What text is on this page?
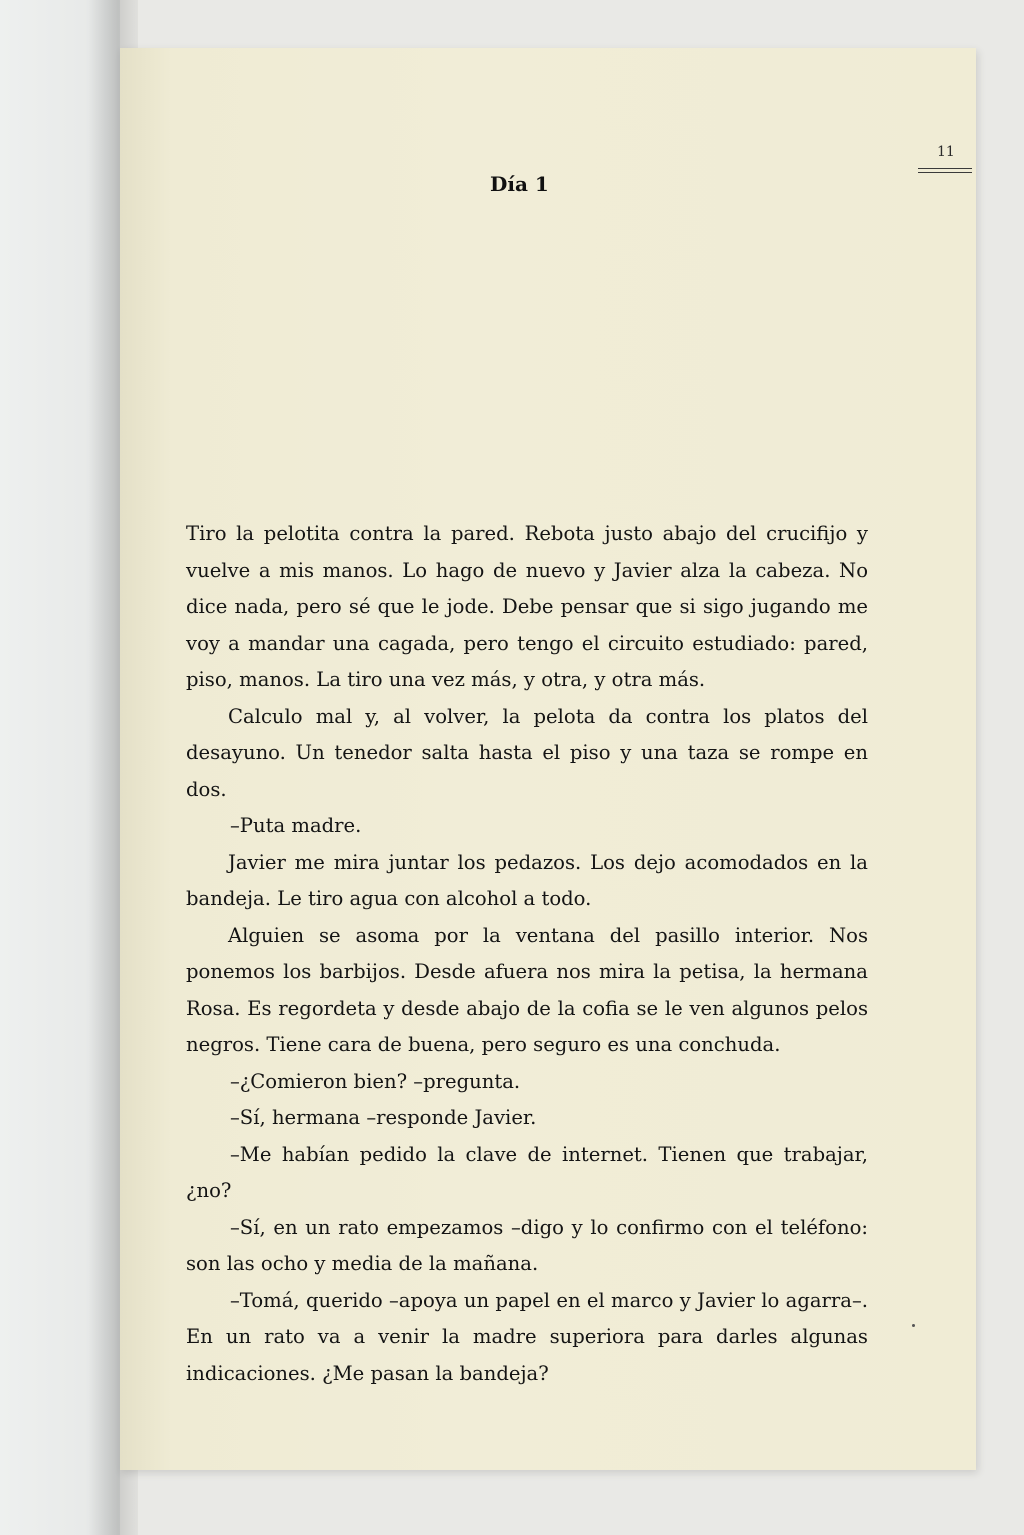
11
Día 1

Tiro la pelotita contra la pared. Rebota justo abajo del crucifijo y vuelve a mis manos. Lo hago de nuevo y Javier alza la cabeza. No dice nada, pero sé que le jode. Debe pensar que si sigo jugando me voy a mandar una cagada, pero tengo el circuito estudiado: pared, piso, manos. La tiro una vez más, y otra, y otra más.

Calculo mal y, al volver, la pelota da contra los platos del desayuno. Un tenedor salta hasta el piso y una taza se rompe en dos.

–Puta madre.

Javier me mira juntar los pedazos. Los dejo acomodados en la bandeja. Le tiro agua con alcohol a todo.

Alguien se asoma por la ventana del pasillo interior. Nos ponemos los barbijos. Desde afuera nos mira la petisa, la hermana Rosa. Es regordeta y desde abajo de la cofia se le ven algunos pelos negros. Tiene cara de buena, pero seguro es una conchuda.

–¿Comieron bien? –pregunta.

–Sí, hermana –responde Javier.

–Me habían pedido la clave de internet. Tienen que trabajar, ¿no?

–Sí, en un rato empezamos –digo y lo confirmo con el teléfono: son las ocho y media de la mañana.

–Tomá, querido –apoya un papel en el marco y Javier lo agarra–. En un rato va a venir la madre superiora para darles algunas indicaciones. ¿Me pasan la bandeja?
